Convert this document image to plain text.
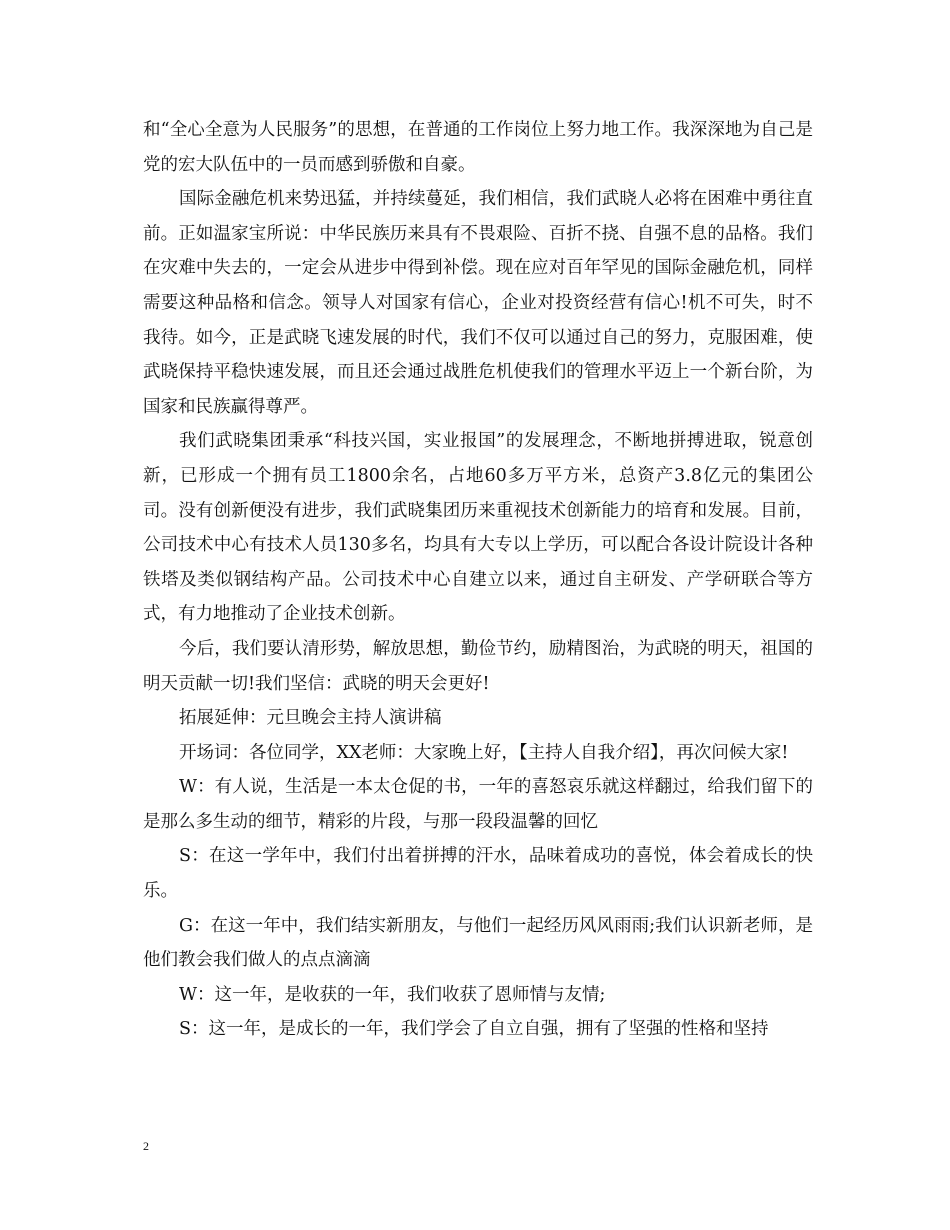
和“全心全意为人民服务”的思想，在普通的工作岗位上努力地工作。我深深地为自己是党的宏大队伍中的一员而感到骄傲和自豪。

国际金融危机来势迅猛，并持续蔓延，我们相信，我们武晓人必将在困难中勇往直前。正如温家宝所说：中华民族历来具有不畏艰险、百折不挠、自强不息的品格。我们在灾难中失去的，一定会从进步中得到补偿。现在应对百年罕见的国际金融危机，同样需要这种品格和信念。领导人对国家有信心，企业对投资经营有信心!机不可失，时不我待。如今，正是武晓飞速发展的时代，我们不仅可以通过自己的努力，克服困难，使武晓保持平稳快速发展，而且还会通过战胜危机使我们的管理水平迈上一个新台阶，为国家和民族赢得尊严。

我们武晓集团秉承“科技兴国，实业报国”的发展理念，不断地拼搏进取，锐意创新，已形成一个拥有员工1800余名，占地60多万平方米，总资产3.8亿元的集团公司。没有创新便没有进步，我们武晓集团历来重视技术创新能力的培育和发展。目前，公司技术中心有技术人员130多名，均具有大专以上学历，可以配合各设计院设计各种铁塔及类似钢结构产品。公司技术中心自建立以来，通过自主研发、产学研联合等方式，有力地推动了企业技术创新。

今后，我们要认清形势，解放思想，勤俭节约，励精图治，为武晓的明天，祖国的明天贡献一切!我们坚信：武晓的明天会更好!

拓展延伸：元旦晚会主持人演讲稿

开场词：各位同学，XX老师：大家晚上好，【主持人自我介绍】，再次问候大家!

W：有人说，生活是一本太仓促的书，一年的喜怒哀乐就这样翻过，给我们留下的是那么多生动的细节，精彩的片段，与那一段段温馨的回忆

S：在这一学年中，我们付出着拼搏的汗水，品味着成功的喜悦，体会着成长的快乐。

G：在这一年中，我们结实新朋友，与他们一起经历风风雨雨;我们认识新老师，是他们教会我们做人的点点滴滴

W：这一年，是收获的一年，我们收获了恩师情与友情;

S：这一年，是成长的一年，我们学会了自立自强，拥有了坚强的性格和坚持

2
